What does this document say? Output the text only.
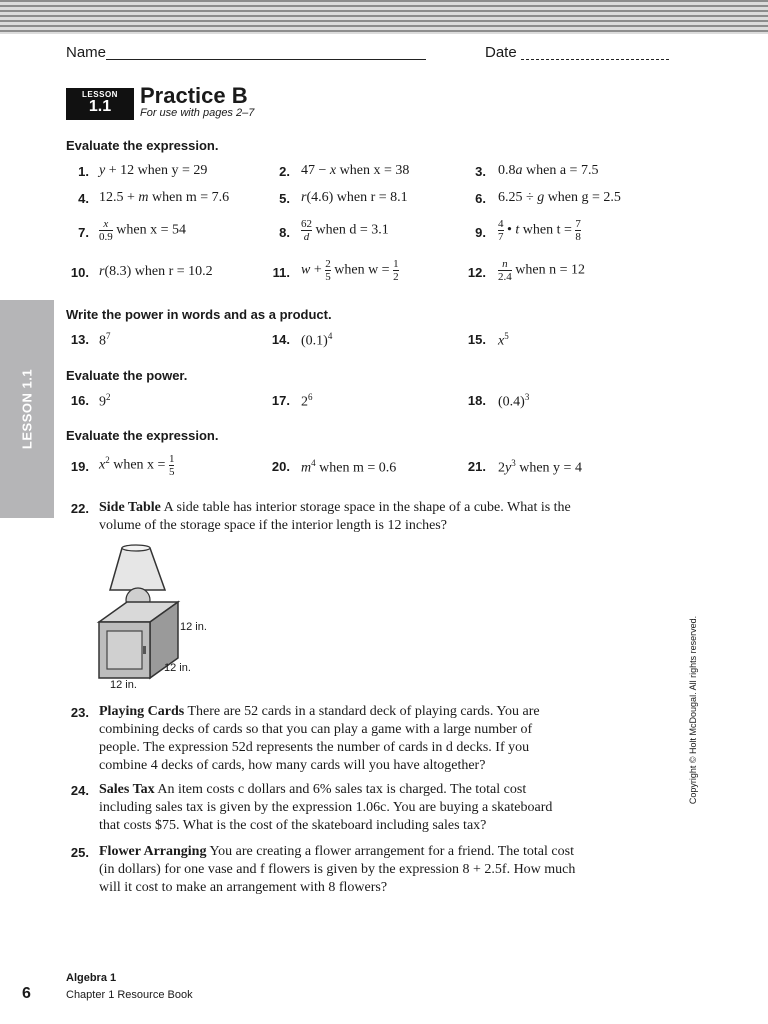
Name	Date
LESSON
1.1	Practice B
For use with pages 2–7
Evaluate the expression.
1. y + 12 when y = 29	2. 47 − x when x = 38	3. 0.8a when a = 7.5
4. 12.5 + m when m = 7.6	5. r(4.6) when r = 8.1	6. 6.25 ÷ g when g = 2.5
7. $\frac{x}{0.9}$ when x = 54	8. $\frac{62}{d}$ when d = 3.1	9. $\frac{4}{7}$ • t when $t = \frac{7}{8}$
10. r(8.3) when r = 10.2	11. $w + \frac{2}{5}$ when $w = \frac{1}{2}$	12. $\frac{n}{2.4}$ when n = 12
Write the power in words and as a product.
13. $8^7$	14. $(0.1)^4$	15. $x^5$
Evaluate the power.
16. $9^2$	17. $2^6$	18. $(0.4)^3$
Evaluate the expression.
19. $x^2$ when $x = \frac{1}{5}$	20. $m^4$ when m = 0.6	21. $2y^3$ when y = 4
LESSON 1.1
22. Side Table A side table has interior storage space in the shape of a cube. What is the volume of the storage space if the interior length is 12 inches?
12 in.
12 in.
12 in.
23. Playing Cards There are 52 cards in a standard deck of playing cards. You are combining decks of cards so that you can play a game with a large number of people. The expression 52d represents the number of cards in d decks. If you combine 4 decks of cards, how many cards will you have altogether?
24. Sales Tax An item costs c dollars and 6% sales tax is charged. The total cost including sales tax is given by the expression 1.06c. You are buying a skateboard that costs $75. What is the cost of the skateboard including sales tax?
25. Flower Arranging You are creating a flower arrangement for a friend. The total cost (in dollars) for one vase and f flowers is given by the expression 8 + 2.5f. How much will it cost to make an arrangement with 8 flowers?
Copyright © Holt McDougal. All rights reserved.
6
Algebra 1
Chapter 1 Resource Book
